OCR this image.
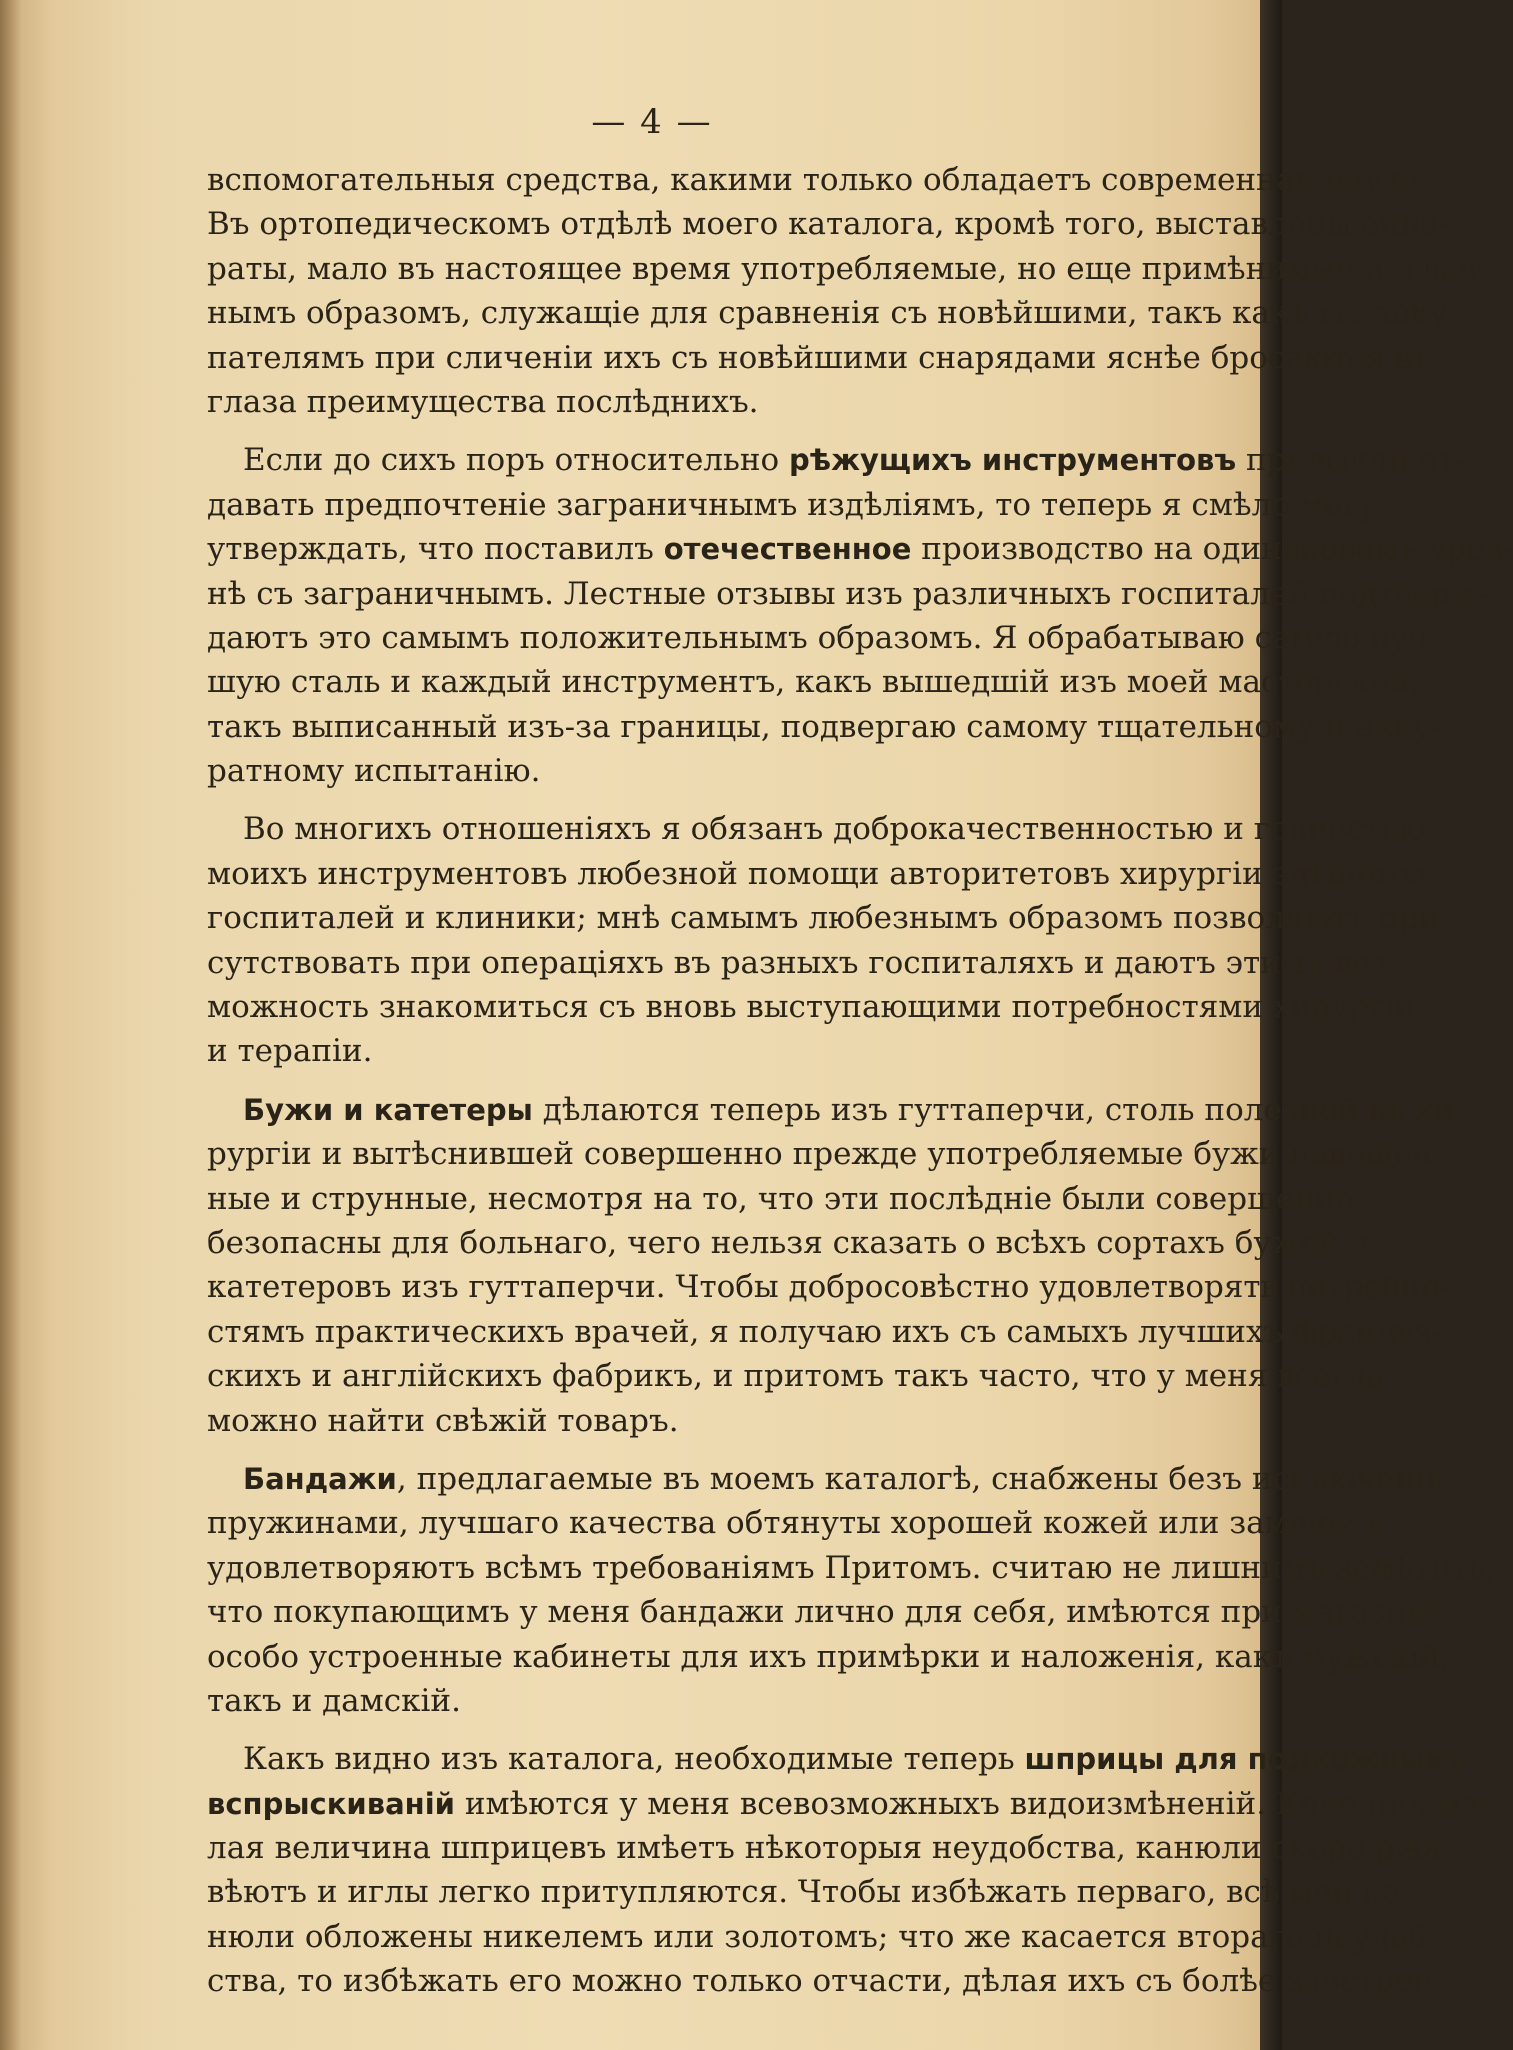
— 4 —
вспомогательныя средства, какими только обладаетъ современная наука.
Въ ортопедическомъ отдѣлѣ моего каталога, кромѣ того, выставлены аппа-
раты, мало въ настоящее время употребляемые, но еще примѣнимые и, глав-
нымъ образомъ, служащіе для сравненія съ новѣйшими, такъ какъ гг. поку-
пателямъ при сличеніи ихъ съ новѣйшими снарядами яснѣе бросаются въ
глаза преимущества послѣднихъ.
Если до сихъ поръ относительно рѣжущихъ инструментовъ привыкли от-
давать предпочтеніе заграничнымъ издѣліямъ, то теперь я смѣло могу
утверждать, что поставилъ отечественное производство на одинаковомъ уров-
нѣ съ заграничнымъ. Лестные отзывы изъ различныхъ госпиталей подтверж-
даютъ это самымъ положительнымъ образомъ. Я обрабатываю самую луч-
шую сталь и каждый инструментъ, какъ вышедшій изъ моей мастерской,
такъ выписанный изъ-за границы, подвергаю самому тщательному и акку-
ратному испытанію.
Во многихъ отношеніяхъ я обязанъ доброкачественностью и годностью
моихъ инструментовъ любезной помощи авторитетовъ хирургіи здѣшнихъ
госпиталей и клиники; мнѣ самымъ любезнымъ образомъ позволяютъ при-
сутствовать при операціяхъ въ разныхъ госпиталяхъ и даютъ этимъ воз-
можность знакомиться съ вновь выступающими потребностями хирургіи
и терапіи.
Бужи и катетеры дѣлаются теперь изъ гуттаперчи, столь полезной въ хи-
рургіи и вытѣснившей совершенно прежде употребляемые бужи навощен-
ные и струнные, несмотря на то, что эти послѣдніе были совершенно
безопасны для больнаго, чего нельзя сказать о всѣхъ сортахъ бужей и
катетеровъ изъ гуттаперчи. Чтобы добросовѣстно удовлетворять потребно-
стямъ практическихъ врачей, я получаю ихъ съ самыхъ лучшихъ француз-
скихъ и англійскихъ фабрикъ, и притомъ такъ часто, что у меня всегда
можно найти свѣжій товаръ.
Бандажи, предлагаемые въ моемъ каталогѣ, снабжены безъ исключенія
пружинами, лучшаго качества обтянуты хорошей кожей или замшей и
удовлетворяютъ всѣмъ требованіямъ Притомъ. считаю не лишнимъ замѣтить,
что покупающимъ у меня бандажи лично для себя, имѣются при магазинѣ
особо устроенные кабинеты для ихъ примѣрки и наложенія, какъ мужскій,
такъ и дамскій.
Какъ видно изъ каталога, необходимые теперь шприцы для подкожныхъ
вспрыскиваній имѣются у меня всевозможныхъ видоизмѣненій. Конечно, ма-
лая величина шприцевъ имѣетъ нѣкоторыя неудобства, канюли скоро ржа-
вѣютъ и иглы легко притупляются. Чтобы избѣжать перваго, всѣ мои ка-
нюли обложены никелемъ или золотомъ; что же касается втораго неудоб-
ства, то избѣжать его можно только отчасти, дѣлая ихъ съ болѣе заострен-
